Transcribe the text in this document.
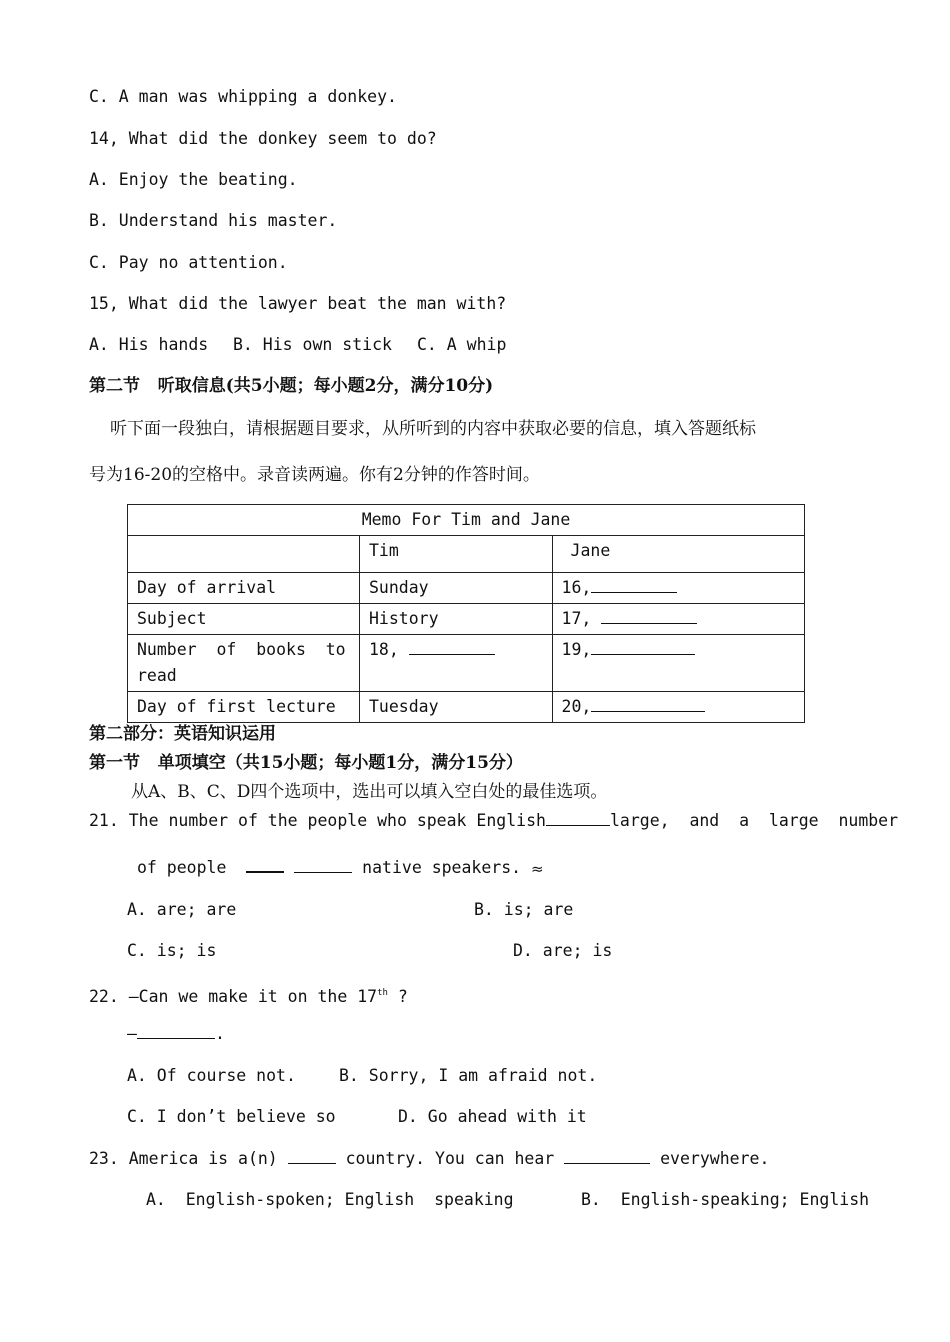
C. A man was whipping a donkey.
14, What did the donkey seem to do?
A. Enjoy the beating.
B. Understand his master.
C. Pay no attention.
15, What did the lawyer beat the man with?
A. His hands B. His own stick C. A whip
第二节   听取信息(共5小题；每小题2分，满分10分)
听下面一段独白，请根据题目要求，从所听到的内容中获取必要的信息，填入答题纸标
号为16-20的空格中。录音读两遍。你有2分钟的作答时间。
Memo For Tim and Jane		
	Tim	Jane
Day of arrival	Sunday	16,
Subject	History	17,

Number  of  books  to
read	18,	19,
Day of first lecture	Tuesday	20,
第二部分：英语知识运用
第一节   单项填空（共15小题；每小题1分，满分15分）
从A、B、C、D四个选项中，选出可以填入空白处的最佳选项。
21. The number of the people who speak English	large,  and  a  large  number
of people	native speakers. ≈
A. are; are	B. is; are
C. is; is	D. are; is
22. —Can we make it on the 17th ?
—	.
A. Of course not.	B. Sorry, I am afraid not.
C. I don’t believe so	D. Go ahead with it
23. America is a(n)	country. You can hear	everywhere.
A.  English-spoken; English  speaking	B.  English-speaking; English
